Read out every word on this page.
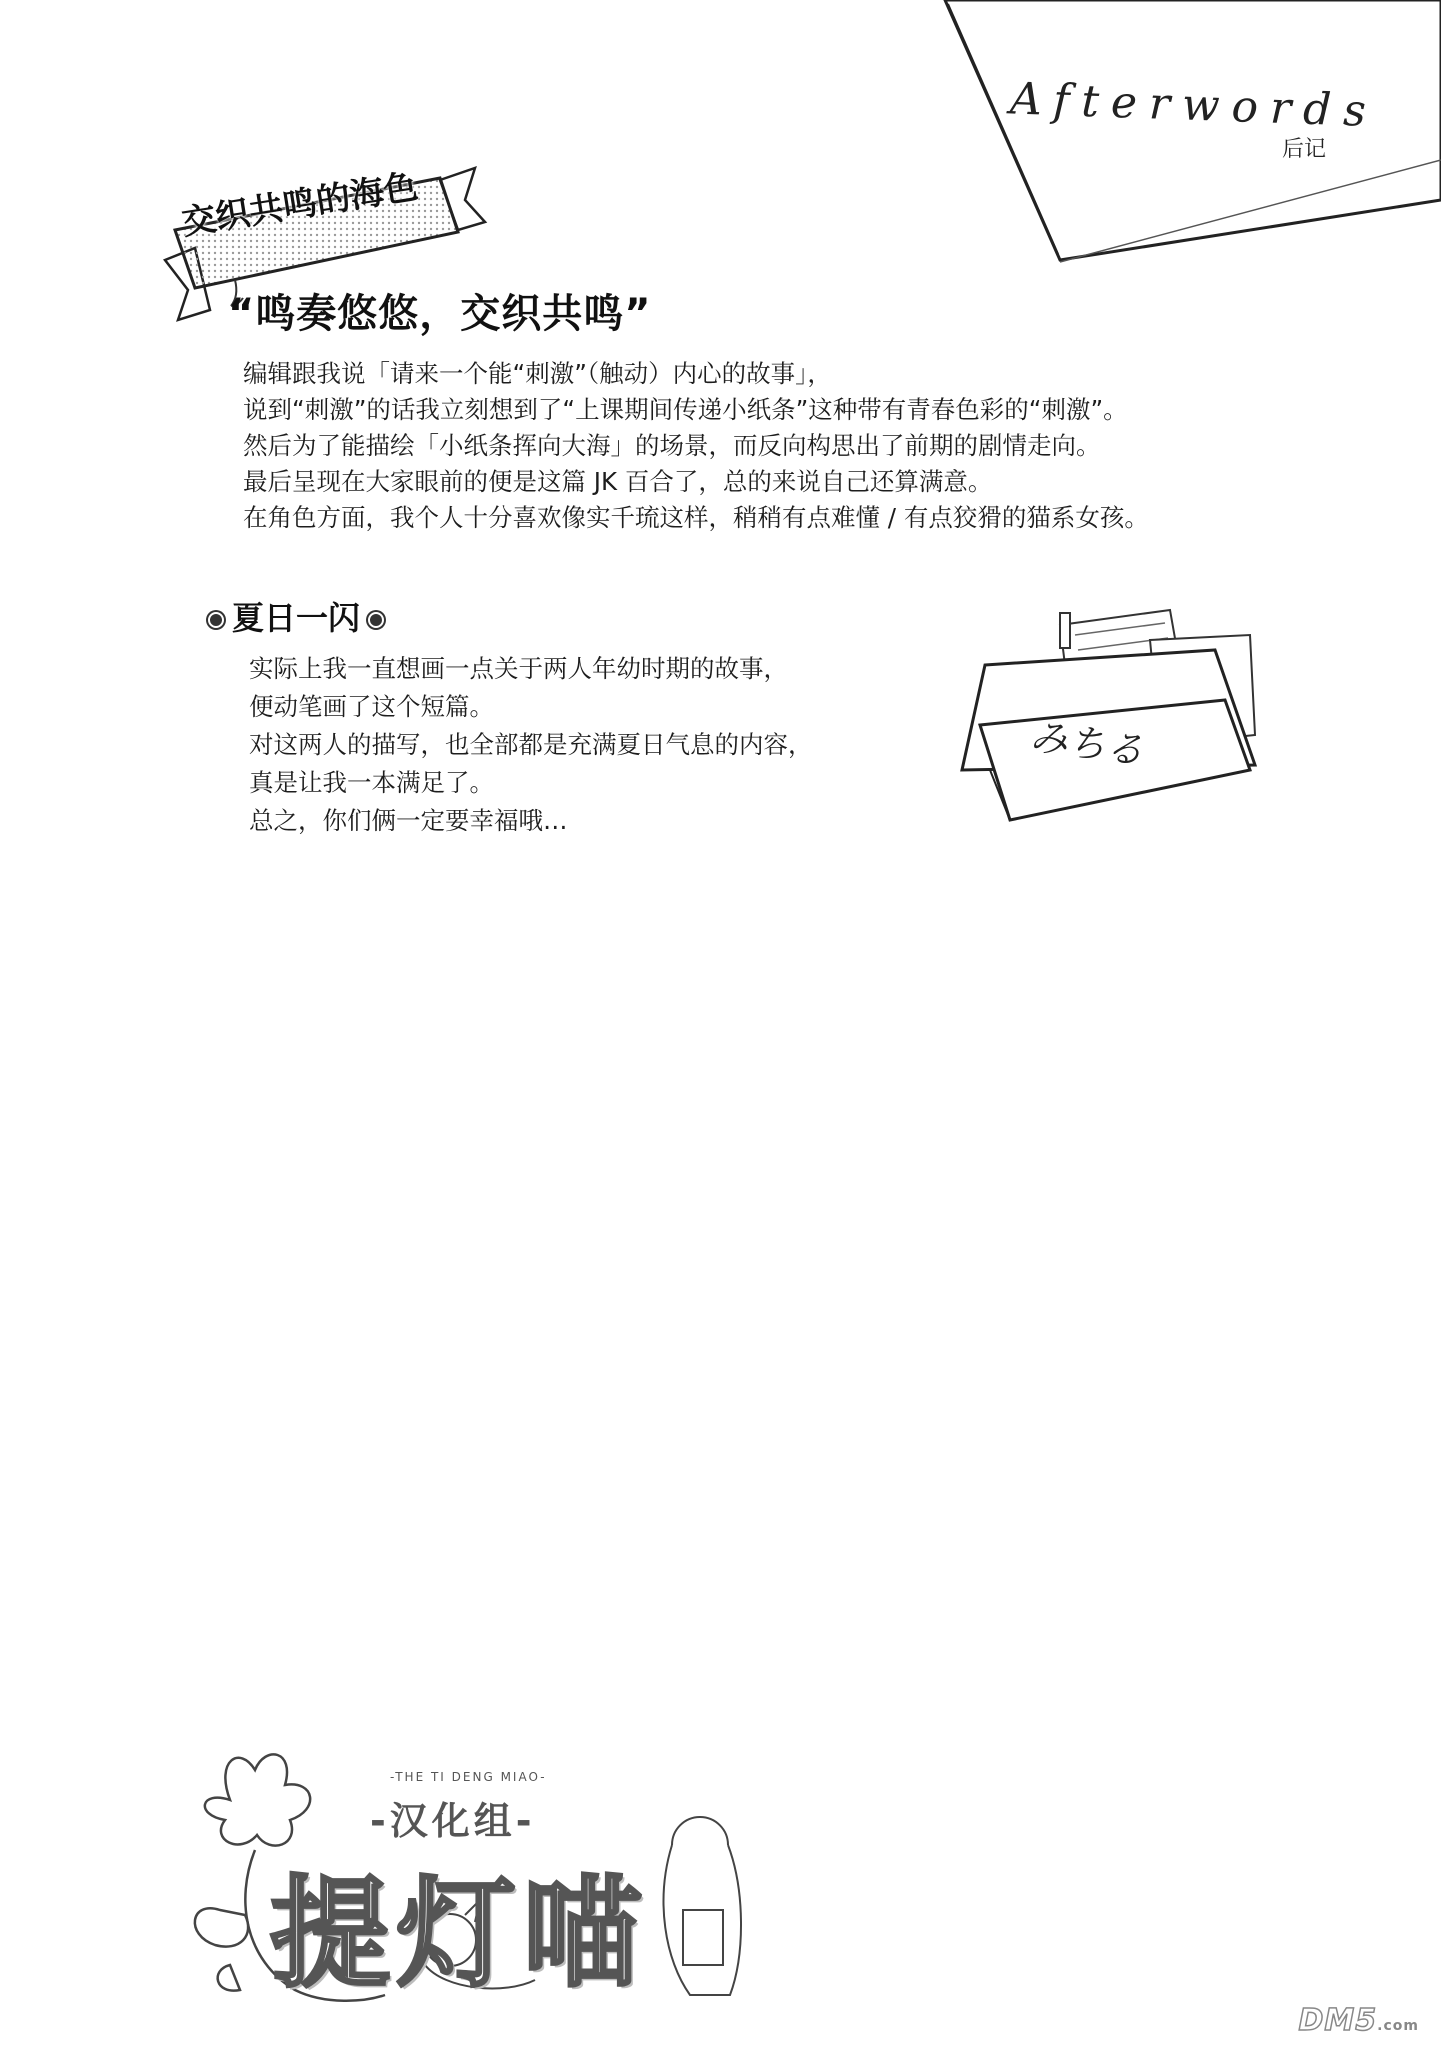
Afterwords
后记
交织共鸣的海色
“鸣奏悠悠，交织共鸣”
编辑跟我说「请来一个能“刺激”（触动）内心的故事」，
说到“刺激”的话我立刻想到了“上课期间传递小纸条”这种带有青春色彩的“刺激”。
然后为了能描绘「小纸条挥向大海」的场景，而反向构思出了前期的剧情走向。
最后呈现在大家眼前的便是这篇 JK 百合了，总的来说自己还算满意。
在角色方面，我个人十分喜欢像实千琉这样，稍稍有点难懂 / 有点狡猾的猫系女孩。
夏日一闪
实际上我一直想画一点关于两人年幼时期的故事，
便动笔画了这个短篇。
对这两人的描写，也全部都是充满夏日气息的内容，
真是让我一本满足了。
总之，你们俩一定要幸福哦…
みちる
-THE TI DENG MIAO-
-汉化组-
提灯喵
DM5.com
